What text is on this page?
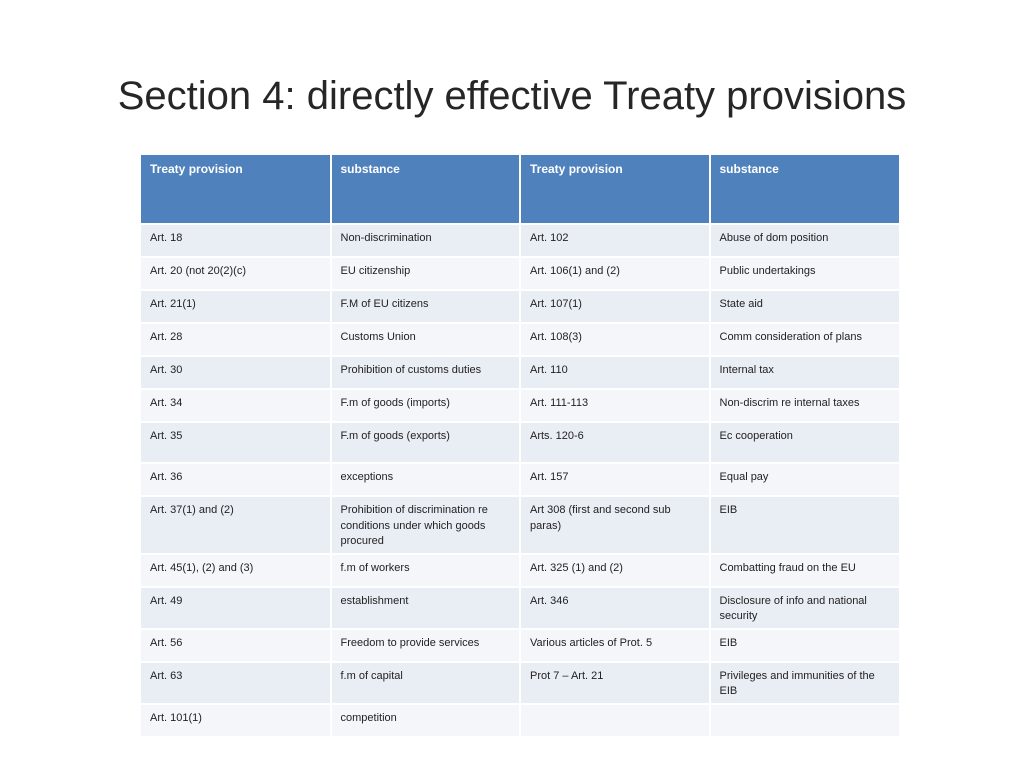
Section 4: directly effective Treaty provisions
Treaty provision	substance	Treaty provision	substance
Art. 18	Non-discrimination	Art. 102	Abuse of dom position
Art. 20 (not 20(2)(c)	EU citizenship	Art. 106(1) and (2)	Public undertakings
Art. 21(1)	F.M of EU citizens	Art. 107(1)	State aid
Art. 28	Customs Union	Art. 108(3)	Comm consideration of plans
Art. 30	Prohibition of customs duties	Art. 110	Internal tax
Art. 34	F.m of goods (imports)	Art. 111-113	Non-discrim re internal taxes
Art. 35	F.m of goods (exports)	Arts. 120-6	Ec cooperation
Art. 36	exceptions	Art. 157	Equal pay
Art. 37(1) and (2)	Prohibition of discrimination re conditions under which goods procured	Art 308 (first and second sub paras)	EIB
Art. 45(1), (2) and (3)	f.m of workers	Art. 325 (1) and (2)	Combatting fraud on the EU
Art. 49	establishment	Art. 346	Disclosure of info and national security
Art. 56	Freedom to provide services	Various articles of Prot. 5	EIB
Art. 63	f.m of capital	Prot 7 – Art. 21	Privileges and immunities of the EIB
Art. 101(1)	competition		
